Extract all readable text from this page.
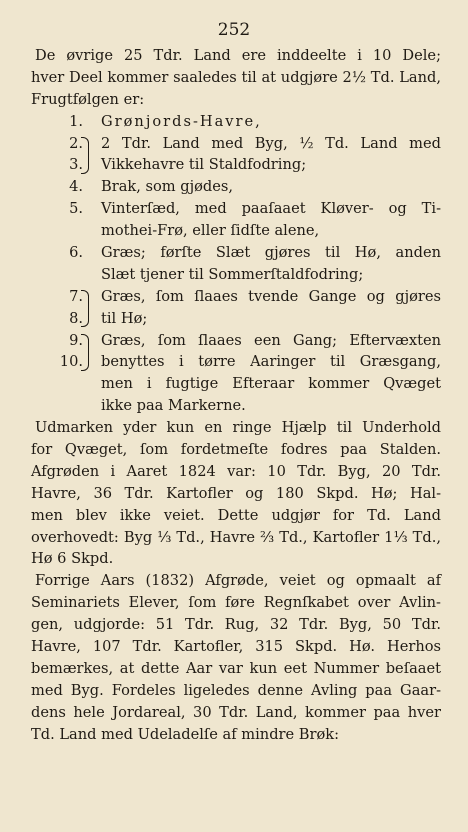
252
De øvrige 25 Tdr. Land ere inddeelte i 10 Dele;
hver Deel kommer saaledes til at udgjøre 2½ Td. Land,
Frugtfølgen er:
1. Grønjords-Havre,
2. 2 Tdr. Land med Byg, ½ Td. Land med
3. Vikkehavre til Staldfodring;
4. Brak, som gjødes,
5. Vinterſæd, med paaſaaet Kløver- og Ti-
mothei-Frø, eller ſidſte alene,
6. Græs; førſte Slæt gjøres til Hø, anden
Slæt tjener til Sommerſtaldfodring;
7. Græs, ſom ſlaaes tvende Gange og gjøres
8. til Hø;
9. Græs, ſom ſlaaes een Gang; Eftervæxten
10. benyttes i tørre Aaringer til Græsgang,
men i fugtige Efteraar kommer Qvæget
ikke paa Markerne.
Udmarken yder kun en ringe Hjælp til Underhold
for Qvæget, ſom fordetmeſte fodres paa Stalden.
Afgrøden i Aaret 1824 var: 10 Tdr. Byg, 20 Tdr.
Havre, 36 Tdr. Kartofler og 180 Skpd. Hø; Hal-
men blev ikke veiet. Dette udgjør for Td. Land
overhovedt: Byg ⅓ Td., Havre ⅔ Td., Kartofler 1⅓ Td.,
Hø 6 Skpd.
Forrige Aars (1832) Afgrøde, veiet og opmaalt af
Seminariets Elever, ſom føre Regnſkabet over Avlin-
gen, udgjorde: 51 Tdr. Rug, 32 Tdr. Byg, 50 Tdr.
Havre, 107 Tdr. Kartofler, 315 Skpd. Hø. Herhos
bemærkes, at dette Aar var kun eet Nummer beſaaet
med Byg. Fordeles ligeledes denne Avling paa Gaar-
dens hele Jordareal, 30 Tdr. Land, kommer paa hver
Td. Land med Udeladelſe af mindre Brøk:
